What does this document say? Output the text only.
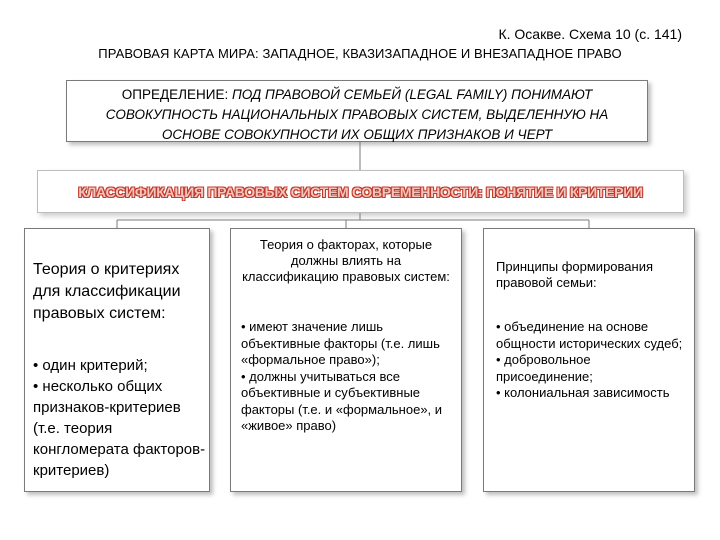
К. Осакве. Схема 10 (с. 141)
ПРАВОВАЯ КАРТА МИРА: ЗАПАДНОЕ, КВАЗИЗАПАДНОЕ И ВНЕЗАПАДНОЕ ПРАВО
ОПРЕДЕЛЕНИЕ: ПОД ПРАВОВОЙ СЕМЬЕЙ (LEGAL FAMILY) ПОНИМАЮТ СОВОКУПНОСТЬ НАЦИОНАЛЬНЫХ ПРАВОВЫХ СИСТЕМ, ВЫДЕЛЕННУЮ НА ОСНОВЕ СОВОКУПНОСТИ ИХ ОБЩИХ ПРИЗНАКОВ И ЧЕРТ
КЛАССИФИКАЦИЯ ПРАВОВЫХ СИСТЕМ СОВРЕМЕННОСТИ: ПОНЯТИЕ И КРИТЕРИИ
Теория о критериях для классификации правовых систем:
• один критерий;
• несколько общих признаков-критериев (т.е. теория конгломерата факторов-критериев)
Теория о факторах, которые должны влиять на классификацию правовых систем:
• имеют значение лишь объективные факторы (т.е. лишь «формальное право»);
• должны учитываться все объективные и субъективные факторы (т.е. и «формальное», и «живое» право)
Принципы формирования правовой семьи:
• объединение на основе общности исторических судеб;
• добровольное присоединение;
• колониальная зависимость
